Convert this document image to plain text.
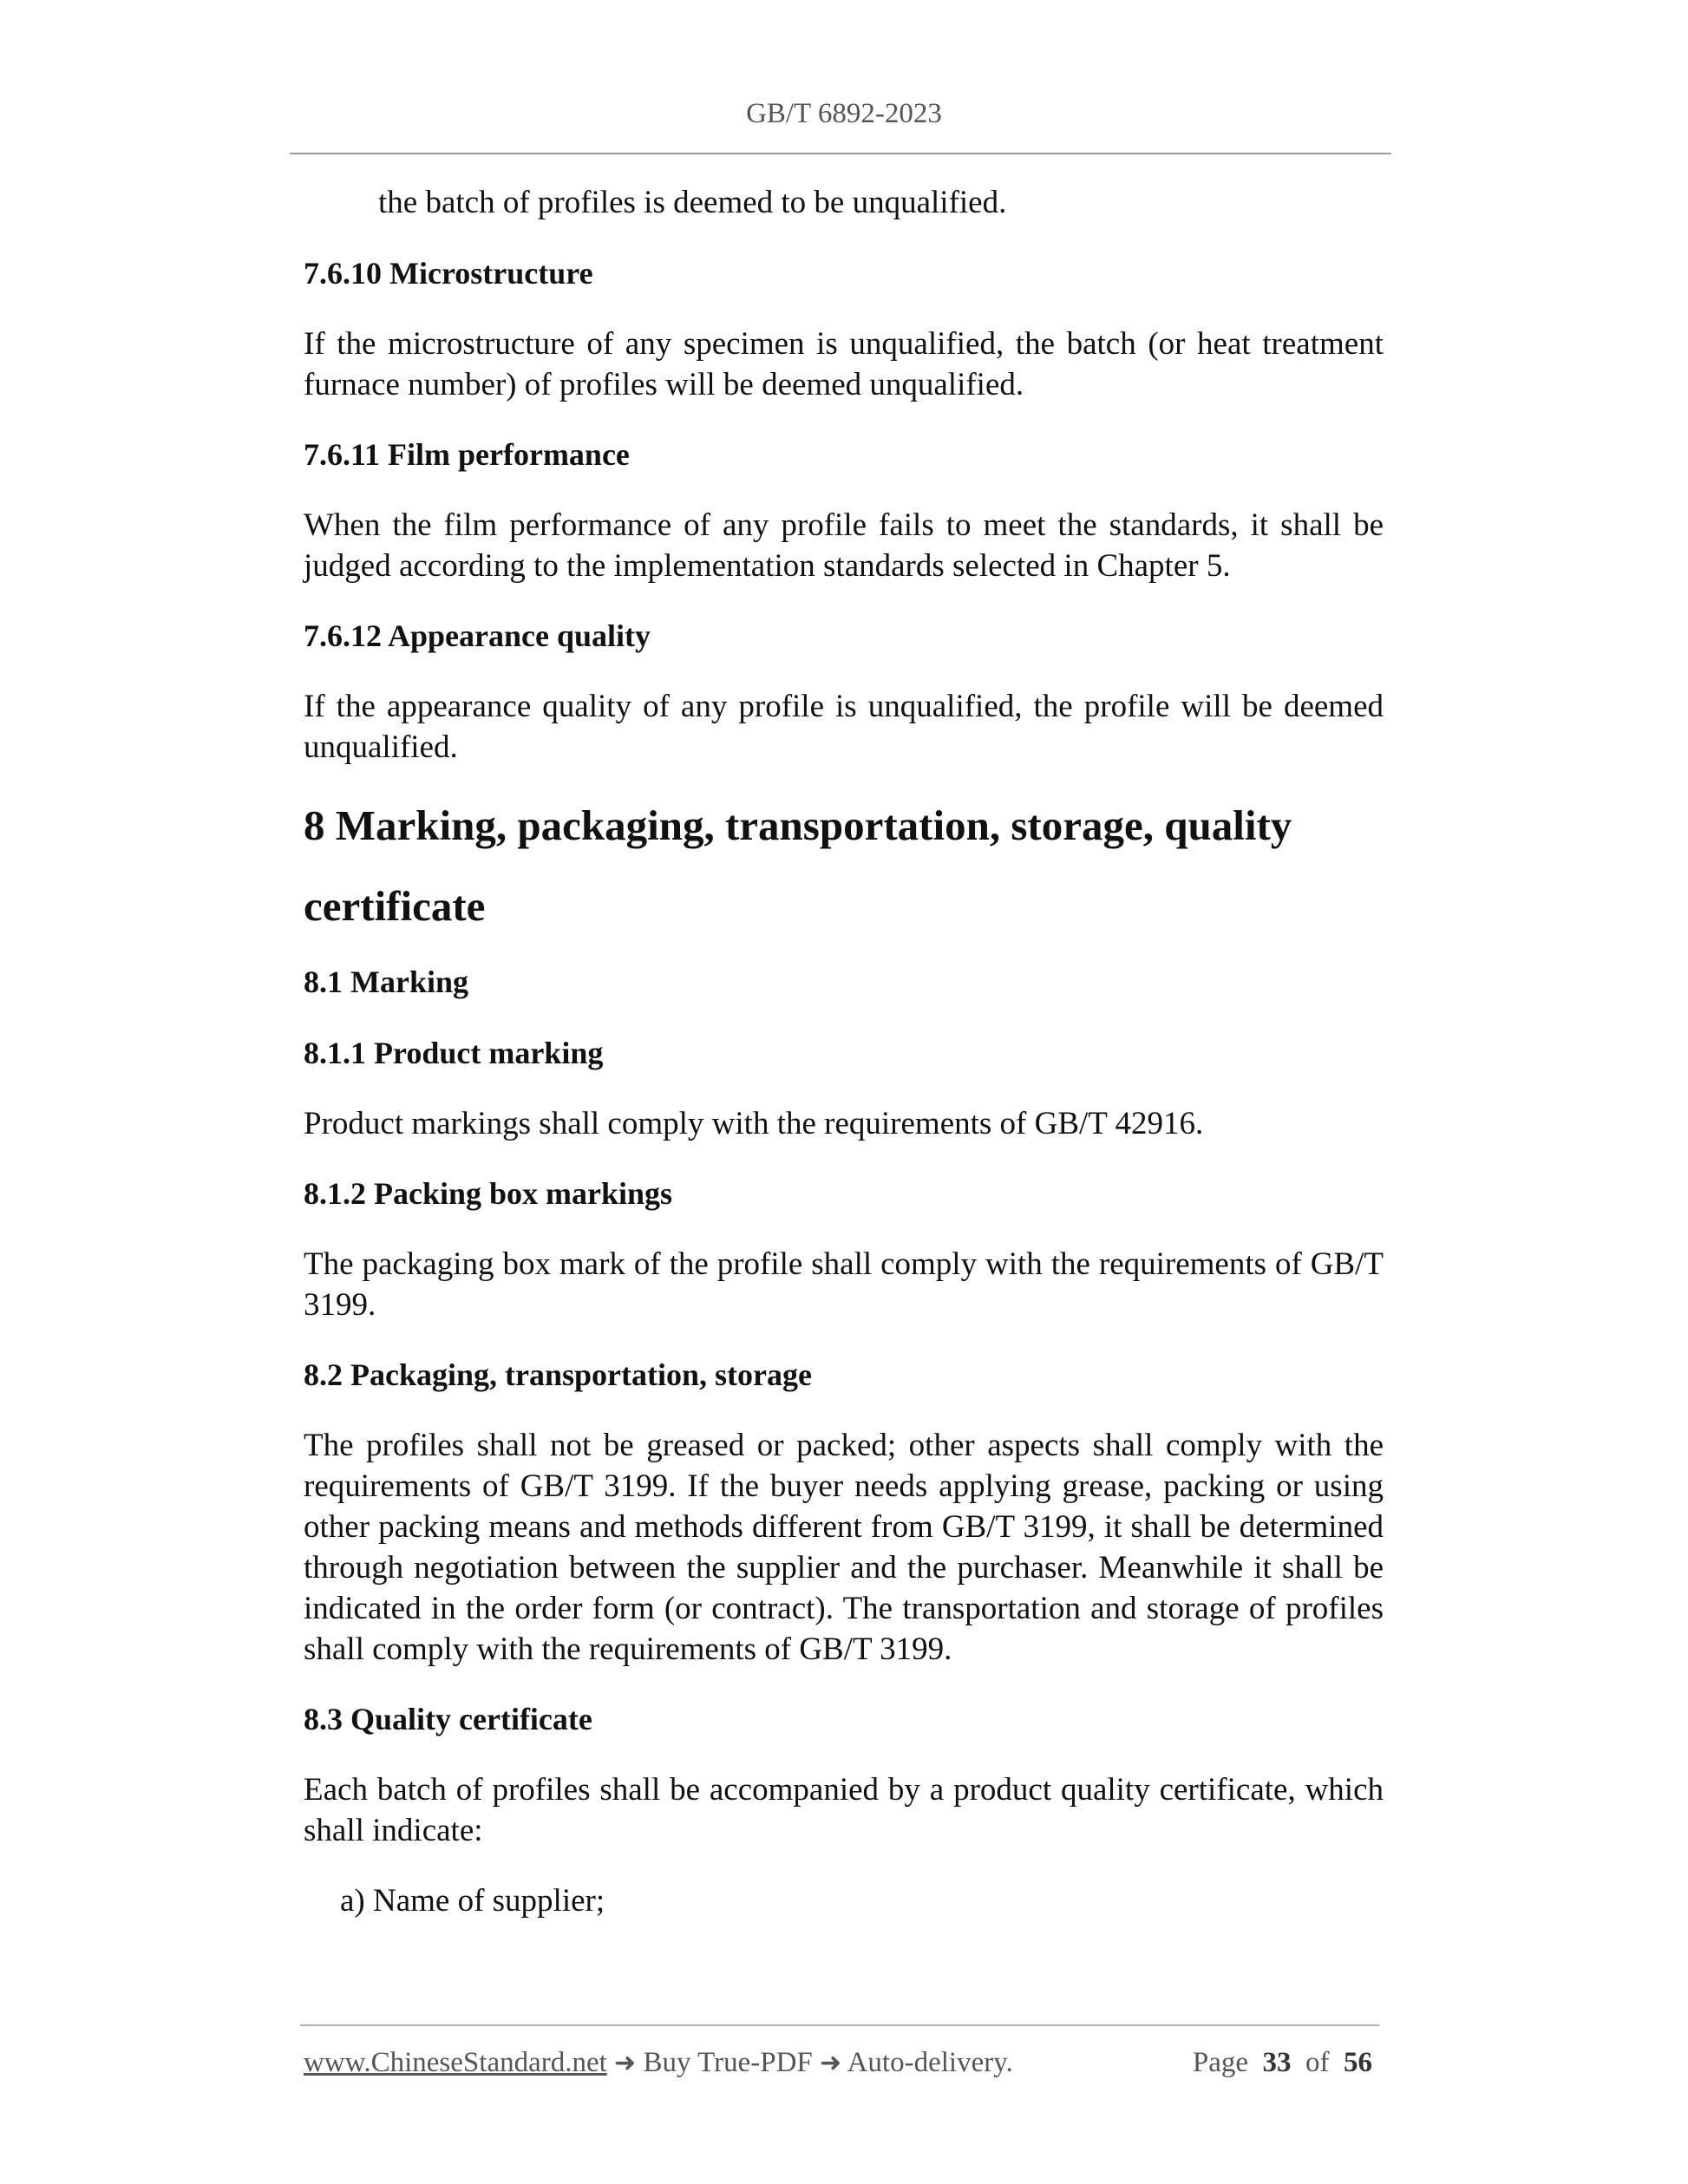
GB/T 6892-2023

the batch of profiles is deemed to be unqualified.

7.6.10 Microstructure

If the microstructure of any specimen is unqualified, the batch (or heat treatment furnace number) of profiles will be deemed unqualified.

7.6.11 Film performance

When the film performance of any profile fails to meet the standards, it shall be judged according to the implementation standards selected in Chapter 5.

7.6.12 Appearance quality

If the appearance quality of any profile is unqualified, the profile will be deemed unqualified.

8 Marking, packaging, transportation, storage, quality certificate

8.1 Marking

8.1.1 Product marking

Product markings shall comply with the requirements of GB/T 42916.

8.1.2 Packing box markings

The packaging box mark of the profile shall comply with the requirements of GB/T 3199.

8.2 Packaging, transportation, storage

The profiles shall not be greased or packed; other aspects shall comply with the requirements of GB/T 3199. If the buyer needs applying grease, packing or using other packing means and methods different from GB/T 3199, it shall be determined through negotiation between the supplier and the purchaser. Meanwhile it shall be indicated in the order form (or contract). The transportation and storage of profiles shall comply with the requirements of GB/T 3199.

8.3 Quality certificate

Each batch of profiles shall be accompanied by a product quality certificate, which shall indicate:

a) Name of supplier;

www.ChineseStandard.net ➜ Buy True-PDF ➜ Auto-delivery.	Page 33 of 56
